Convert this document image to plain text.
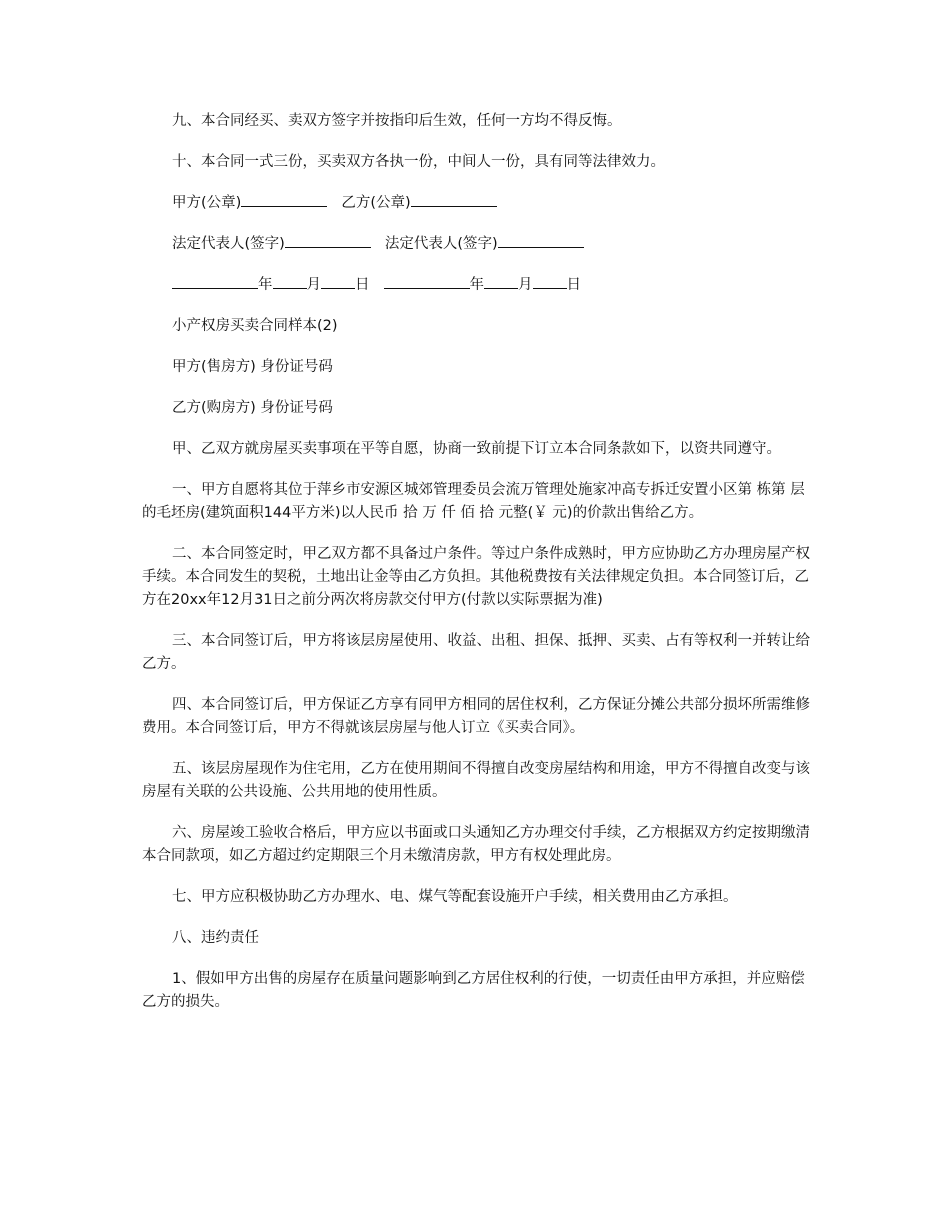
九、本合同经买、卖双方签字并按指印后生效，任何一方均不得反悔。

十、本合同一式三份，买卖双方各执一份，中间人一份，具有同等法律效力。

甲方(公章)	乙方(公章)
法定代表人(签字)	法定代表人(签字)
年 月 日	年 月 日

小产权房买卖合同样本(2)

甲方(售房方) 身份证号码

乙方(购房方) 身份证号码

甲、乙双方就房屋买卖事项在平等自愿，协商一致前提下订立本合同条款如下，以资共同遵守。

一、甲方自愿将其位于萍乡市安源区城郊管理委员会流万管理处施家冲高专拆迁安置小区第 栋第 层的毛坯房(建筑面积144平方米)以人民币 拾 万 仟 佰 拾 元整(￥ 元)的价款出售给乙方。

二、本合同签定时，甲乙双方都不具备过户条件。等过户条件成熟时，甲方应协助乙方办理房屋产权手续。本合同发生的契税，土地出让金等由乙方负担。其他税费按有关法律规定负担。本合同签订后，乙方在20xx年12月31日之前分两次将房款交付甲方(付款以实际票据为准)

三、本合同签订后，甲方将该层房屋使用、收益、出租、担保、抵押、买卖、占有等权利一并转让给乙方。

四、本合同签订后，甲方保证乙方享有同甲方相同的居住权利，乙方保证分摊公共部分损坏所需维修费用。本合同签订后，甲方不得就该层房屋与他人订立《买卖合同》。

五、该层房屋现作为住宅用，乙方在使用期间不得擅自改变房屋结构和用途，甲方不得擅自改变与该房屋有关联的公共设施、公共用地的使用性质。

六、房屋竣工验收合格后，甲方应以书面或口头通知乙方办理交付手续，乙方根据双方约定按期缴清本合同款项，如乙方超过约定期限三个月未缴清房款，甲方有权处理此房。

七、甲方应积极协助乙方办理水、电、煤气等配套设施开户手续，相关费用由乙方承担。

八、违约责任

1、假如甲方出售的房屋存在质量问题影响到乙方居住权利的行使，一切责任由甲方承担，并应赔偿乙方的损失。
